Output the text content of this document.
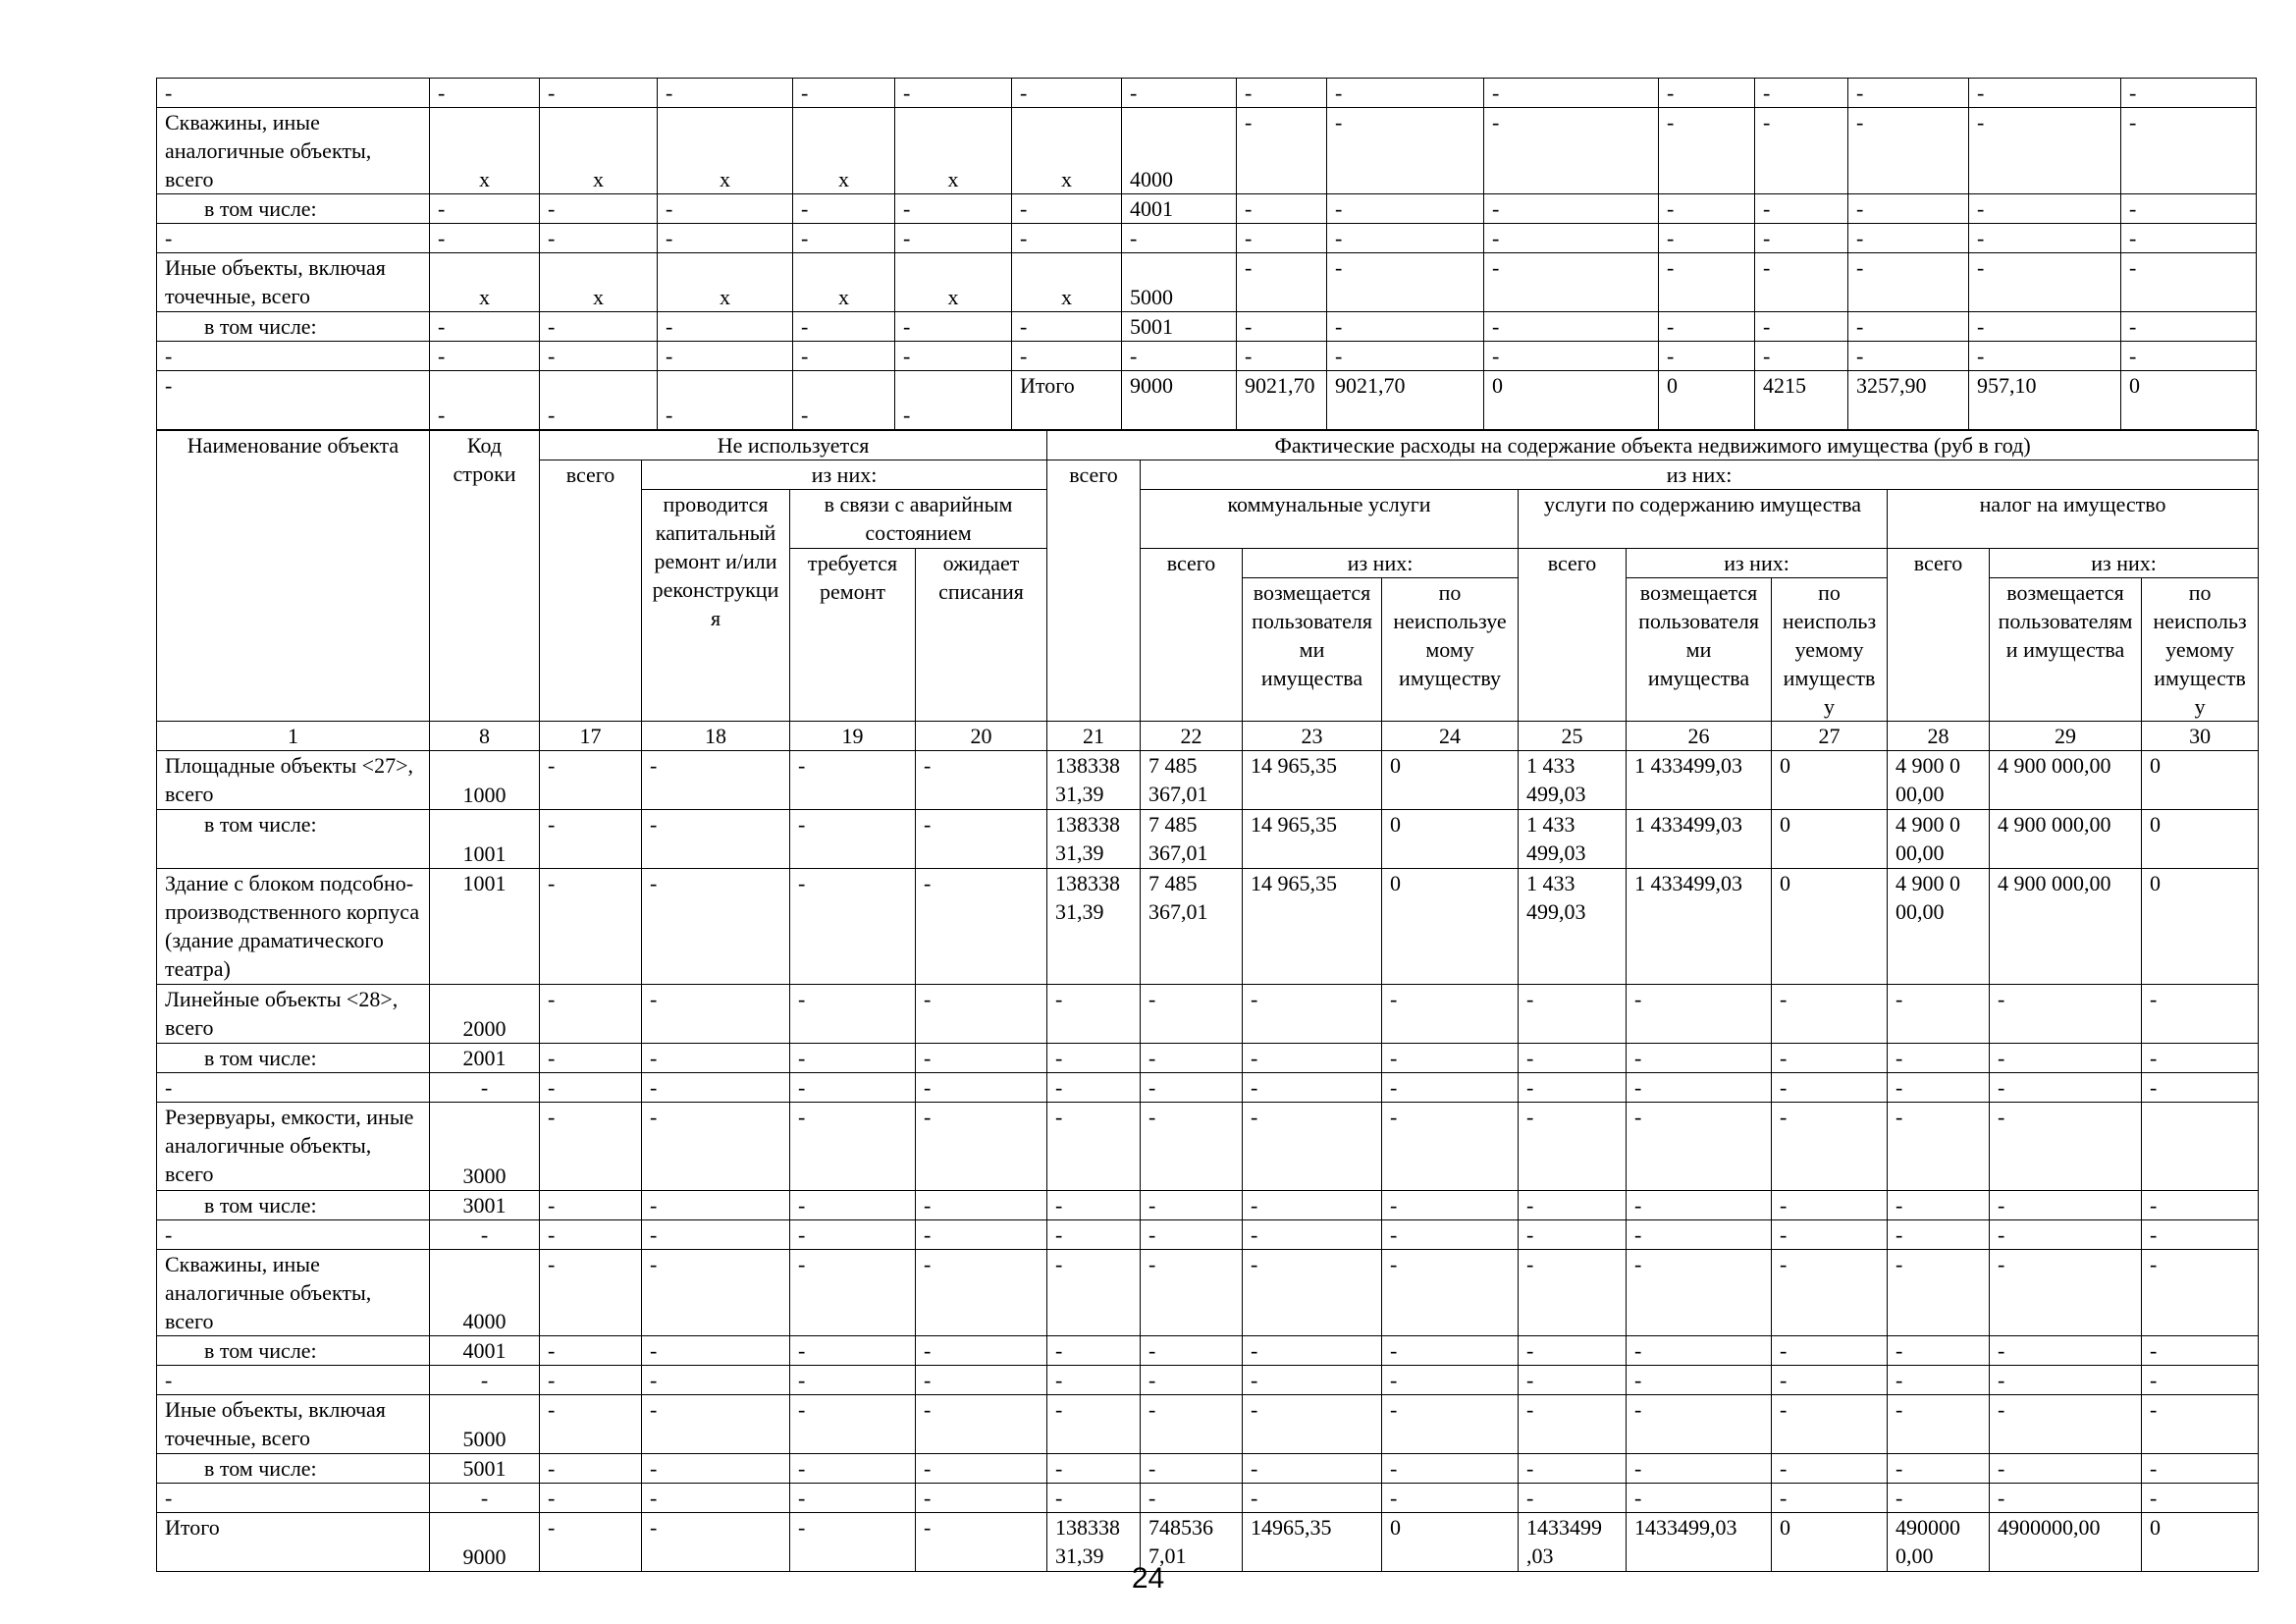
-	-	-	-	-	-	-	-	-	-	-	-	-	-	-	-
Скважины, иные аналогичные объекты, всего	х	х	х	х	х	х	4000	-	-	-	-	-	-	-	-
в том числе:	-	-	-	-	-	-	4001	-	-	-	-	-	-	-	-
-	-	-	-	-	-	-	-	-	-	-	-	-	-	-	-
Иные объекты, включая точечные, всего	х	х	х	х	х	х	5000	-	-	-	-	-	-	-	-
в том числе:	-	-	-	-	-	-	5001	-	-	-	-	-	-	-	-
-	-	-	-	-	-	-	-	-	-	-	-	-	-	-	-
-	-	-	-	-	-	Итого	9000	9021,70	9021,70	0	0	4215	3257,90	957,10	0
Наименование объекта	Код строки	Не используется				Фактические расходы на содержание объекта недвижимого имущества (руб в год)									
		всего	из них:			всего	из них:								
			проводится капитальный ремонт и/или реконструкция	в связи с аварийным состоянием			коммунальные услуги			услуги по содержанию имущества			налог на имущество		
				требуется ремонт	ожидает списания		всего	из них:		всего	из них:		всего	из них:	
								возмещается пользователями имущества	по неиспользуемому имуществу		возмещается пользователями имущества	по неиспользуемому имуществу		возмещается пользователями имущества	по неиспользуемому имуществу
1	8	17	18	19	20	21	22	23	24	25	26	27	28	29	30
Площадные объекты <27>, всего	1000	-	-	-	-	138338 31,39	7 485 367,01	14 965,35	0	1 433 499,03	1 433499,03	0	4 900 0 00,00	4 900 000,00	0
в том числе:	1001	-	-	-	-	138338 31,39	7 485 367,01	14 965,35	0	1 433 499,03	1 433499,03	0	4 900 0 00,00	4 900 000,00	0
Здание с блоком подсобно-производственного корпуса (здание драматического театра)	1001	-	-	-	-	138338 31,39	7 485 367,01	14 965,35	0	1 433 499,03	1 433499,03	0	4 900 0 00,00	4 900 000,00	0
Линейные объекты <28>, всего	2000	-	-	-	-	-	-	-	-	-	-	-	-	-	-
в том числе:	2001	-	-	-	-	-	-	-	-	-	-	-	-	-	-
-	-	-	-	-	-	-	-	-	-	-	-	-	-	-	-
Резервуары, емкости, иные аналогичные объекты, всего	3000	-	-	-	-	-	-	-	-	-	-	-	-	-	
в том числе:	3001	-	-	-	-	-	-	-	-	-	-	-	-	-	-
-	-	-	-	-	-	-	-	-	-	-	-	-	-	-	-
Скважины, иные аналогичные объекты, всего	4000	-	-	-	-	-	-	-	-	-	-	-	-	-	-
в том числе:	4001	-	-	-	-	-	-	-	-	-	-	-	-	-	-
-	-	-	-	-	-	-	-	-	-	-	-	-	-	-	-
Иные объекты, включая точечные, всего	5000	-	-	-	-	-	-	-	-	-	-	-	-	-	-
в том числе:	5001	-	-	-	-	-	-	-	-	-	-	-	-	-	-
-	-	-	-	-	-	-	-	-	-	-	-	-	-	-	-
Итого	9000	-	-	-	-	138338 31,39	748536 7,01	14965,35	0	1433499 ,03	1433499,03	0	490000 0,00	4900000,00	0
24
